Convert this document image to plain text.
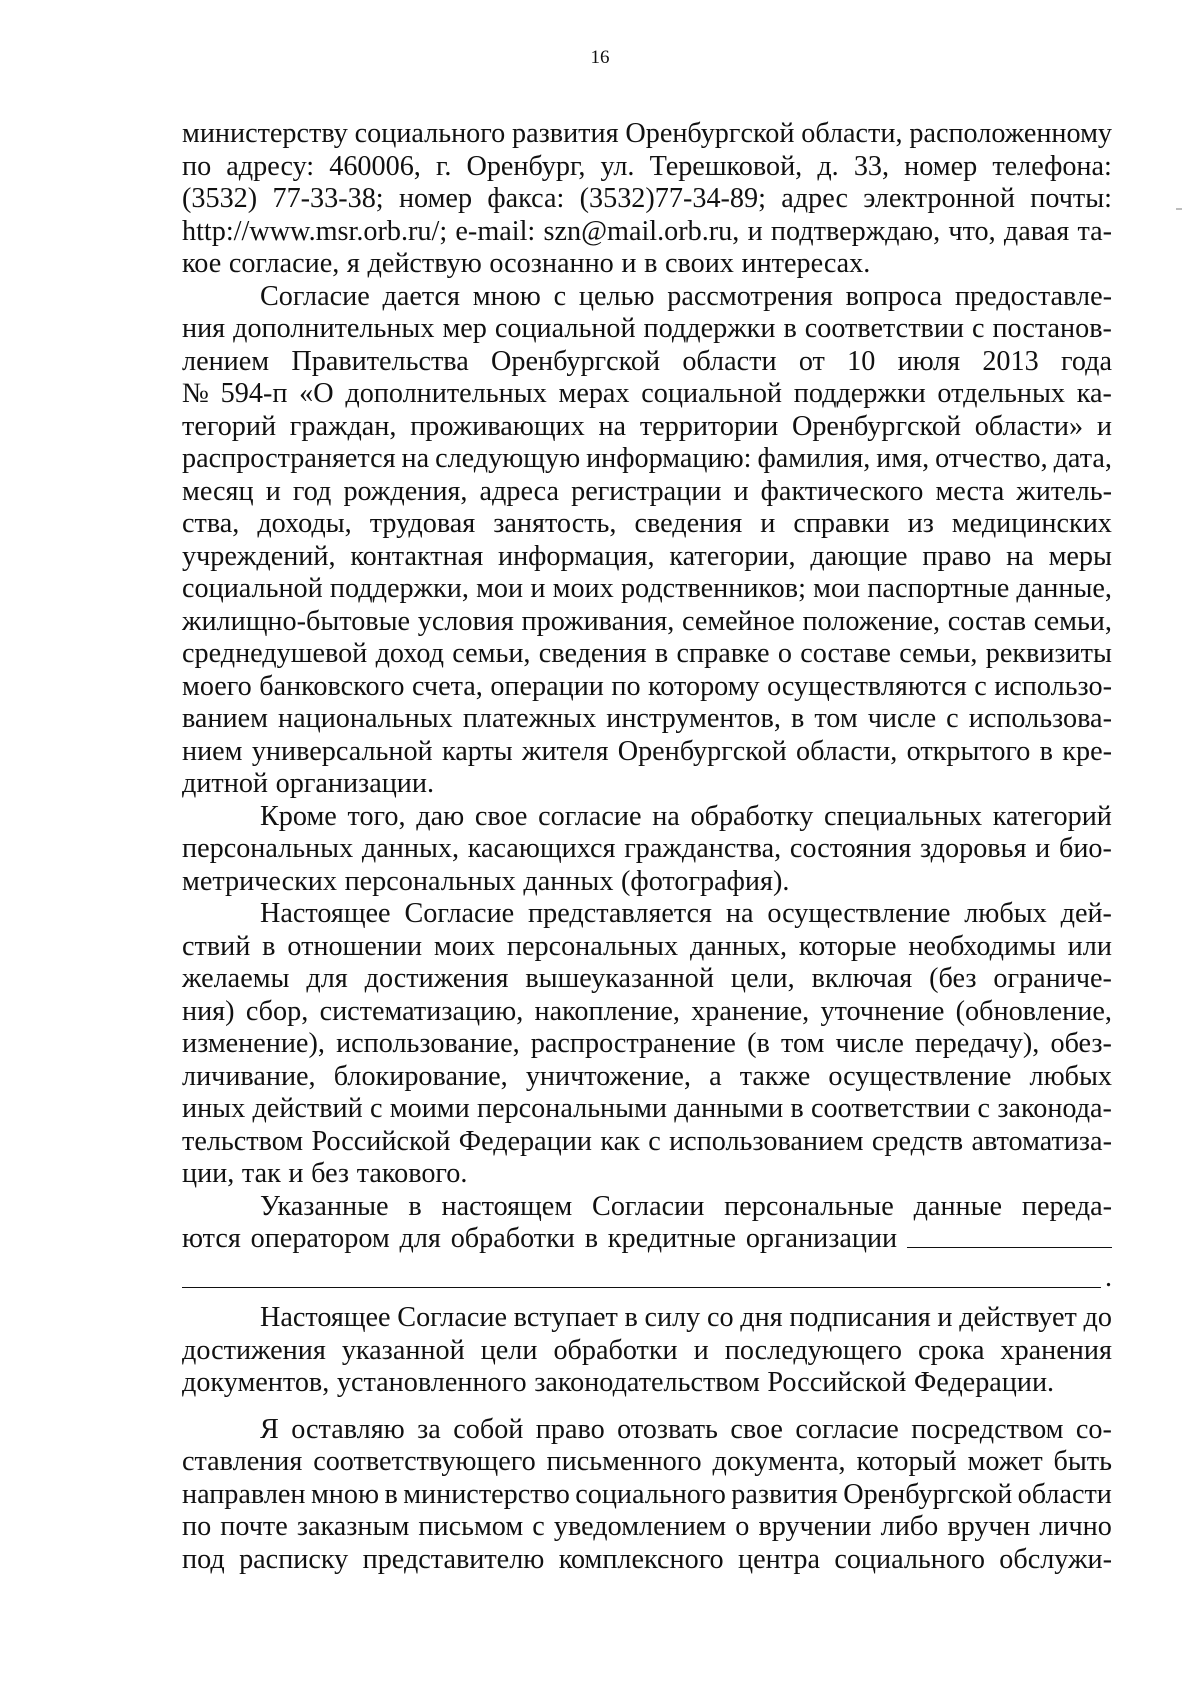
16
министерству социального развития Оренбургской области, расположенному
по адресу: 460006, г. Оренбург, ул. Терешковой, д. 33, номер телефона:
(3532) 77-33-38; номер факса: (3532)77-34-89; адрес электронной почты:
http://www.msr.orb.ru/; e-mail: szn@mail.orb.ru, и подтверждаю, что, давая та-
кое согласие, я действую осознанно и в своих интересах.
Согласие дается мною с целью рассмотрения вопроса предоставле-
ния дополнительных мер социальной поддержки в соответствии с постанов-
лением Правительства Оренбургской области от 10 июля 2013 года
№ 594-п «О дополнительных мерах социальной поддержки отдельных ка-
тегорий граждан, проживающих на территории Оренбургской области» и
распространяется на следующую информацию: фамилия, имя, отчество, дата,
месяц и год рождения, адреса регистрации и фактического места житель-
ства, доходы, трудовая занятость, сведения и справки из медицинских
учреждений, контактная информация, категории, дающие право на меры
социальной поддержки, мои и моих родственников; мои паспортные данные,
жилищно-бытовые условия проживания, семейное положение, состав семьи,
среднедушевой доход семьи, сведения в справке о составе семьи, реквизиты
моего банковского счета, операции по которому осуществляются с использо-
ванием национальных платежных инструментов, в том числе с использова-
нием универсальной карты жителя Оренбургской области, открытого в кре-
дитной организации.
Кроме того, даю свое согласие на обработку специальных категорий
персональных данных, касающихся гражданства, состояния здоровья и био-
метрических персональных данных (фотография).
Настоящее Согласие представляется на осуществление любых дей-
ствий в отношении моих персональных данных, которые необходимы или
желаемы для достижения вышеуказанной цели, включая (без ограниче-
ния) сбор, систематизацию, накопление, хранение, уточнение (обновление,
изменение), использование, распространение (в том числе передачу), обез-
личивание, блокирование, уничтожение, а также осуществление любых
иных действий с моими персональными данными в соответствии с законода-
тельством Российской Федерации как с использованием средств автоматиза-
ции, так и без такового.
Указанные в настоящем Согласии персональные данные переда-
ются оператором для обработки в кредитные организации
.
Настоящее Согласие вступает в силу со дня подписания и действует до
достижения указанной цели обработки и последующего срока хранения
документов, установленного законодательством Российской Федерации.
Я оставляю за собой право отозвать свое согласие посредством со-
ставления соответствующего письменного документа, который может быть
направлен мною в министерство социального развития Оренбургской области
по почте заказным письмом с уведомлением о вручении либо вручен лично
под расписку представителю комплексного центра социального обслужи-
